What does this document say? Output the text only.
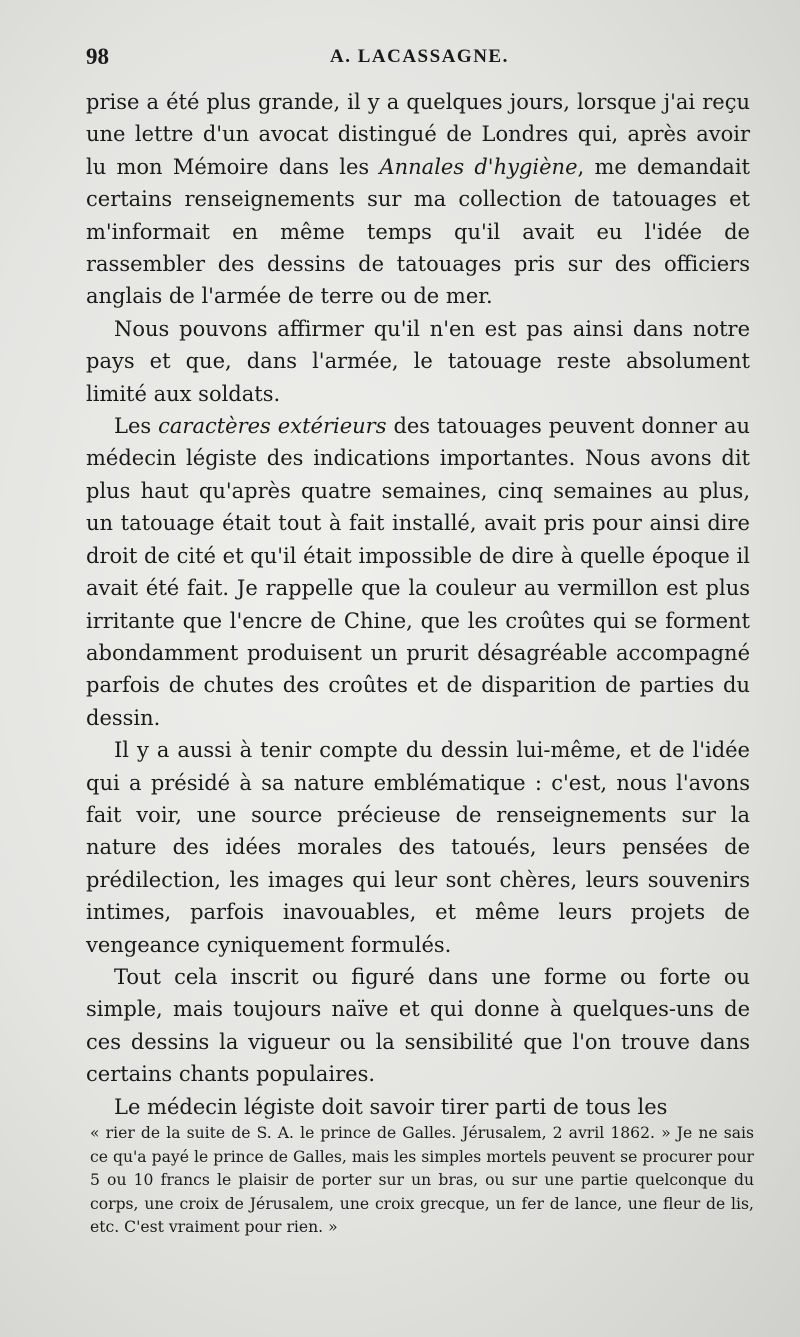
98	A. LACASSAGNE.

prise a été plus grande, il y a quelques jours, lorsque j'ai reçu une lettre d'un avocat distingué de Londres qui, après avoir lu mon Mémoire dans les Annales d'hygiène, me demandait certains renseignements sur ma collection de tatouages et m'informait en même temps qu'il avait eu l'idée de rassembler des dessins de tatouages pris sur des officiers anglais de l'armée de terre ou de mer.

Nous pouvons affirmer qu'il n'en est pas ainsi dans notre pays et que, dans l'armée, le tatouage reste absolument limité aux soldats.

Les caractères extérieurs des tatouages peuvent donner au médecin légiste des indications importantes. Nous avons dit plus haut qu'après quatre semaines, cinq semaines au plus, un tatouage était tout à fait installé, avait pris pour ainsi dire droit de cité et qu'il était impossible de dire à quelle époque il avait été fait. Je rappelle que la couleur au vermillon est plus irritante que l'encre de Chine, que les croûtes qui se forment abondamment produisent un prurit désagréable accompagné parfois de chutes des croûtes et de disparition de parties du dessin.

Il y a aussi à tenir compte du dessin lui-même, et de l'idée qui a présidé à sa nature emblématique : c'est, nous l'avons fait voir, une source précieuse de renseignements sur la nature des idées morales des tatoués, leurs pensées de prédilection, les images qui leur sont chères, leurs souvenirs intimes, parfois inavouables, et même leurs projets de vengeance cyniquement formulés.

Tout cela inscrit ou figuré dans une forme ou forte ou simple, mais toujours naïve et qui donne à quelques-uns de ces dessins la vigueur ou la sensibilité que l'on trouve dans certains chants populaires.

Le médecin légiste doit savoir tirer parti de tous les

« rier de la suite de S. A. le prince de Galles. Jérusalem, 2 avril 1862. » Je ne sais ce qu'a payé le prince de Galles, mais les simples mortels peuvent se procurer pour 5 ou 10 francs le plaisir de porter sur un bras, ou sur une partie quelconque du corps, une croix de Jérusalem, une croix grecque, un fer de lance, une fleur de lis, etc. C'est vraiment pour rien. »
